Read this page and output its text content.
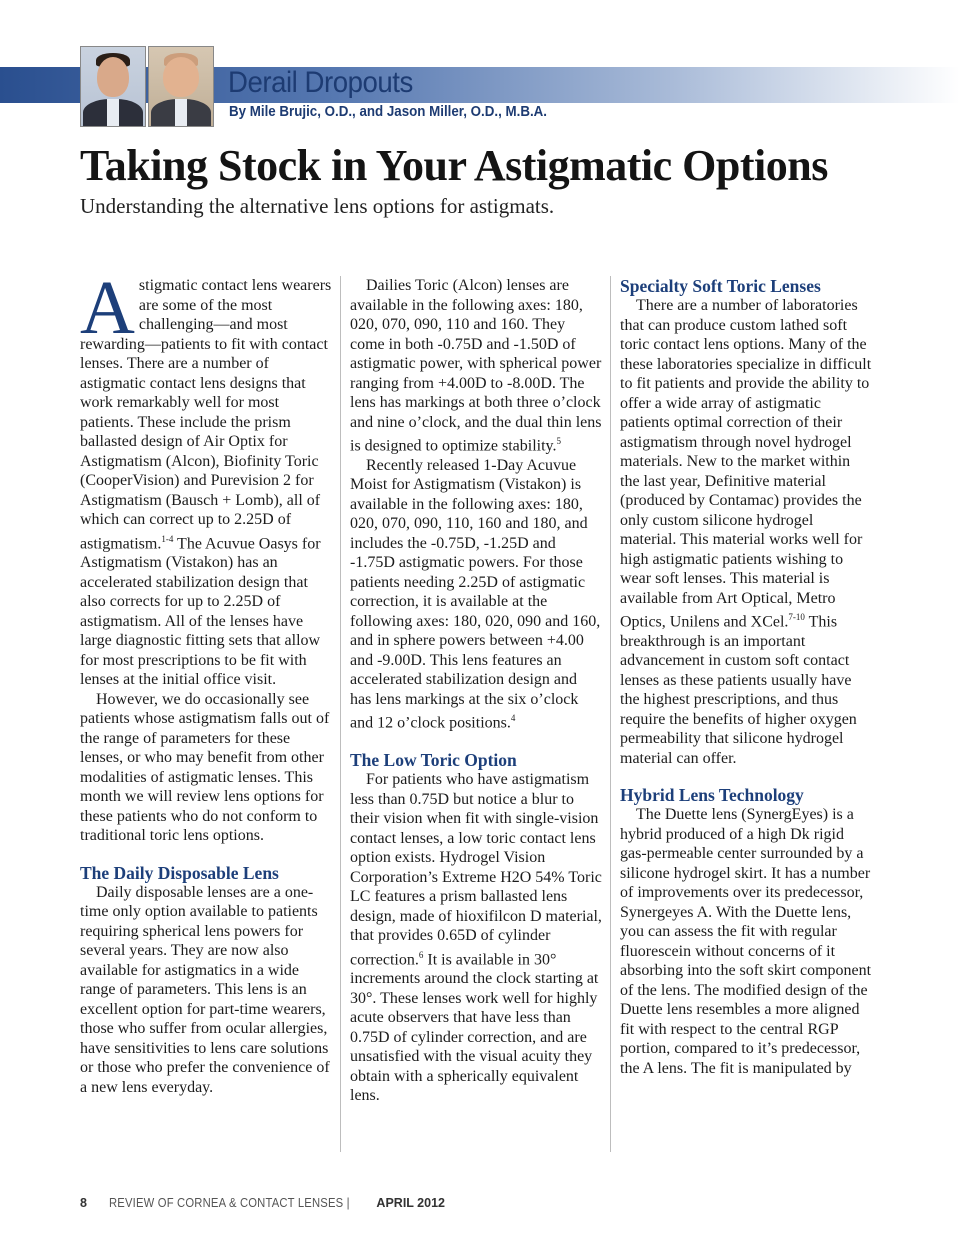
Derail Dropouts
By Mile Brujic, O.D., and Jason Miller, O.D., M.B.A.
Taking Stock in Your Astigmatic Options
Understanding the alternative lens options for astigmats.

Astigmatic contact lens wearers are some of the most challenging—and most rewarding—patients to fit with contact lenses. There are a number of astigmatic contact lens designs that work remarkably well for most patients. These include the prism ballasted design of Air Optix for Astigmatism (Alcon), Biofinity Toric (CooperVision) and Purevision 2 for Astigmatism (Bausch + Lomb), all of which can correct up to 2.25D of astigmatism.$^{1-4}$ The Acuvue Oasys for Astigmatism (Vistakon) has an accelerated stabilization design that also corrects for up to 2.25D of astigmatism. All of the lenses have large diagnostic fitting sets that allow for most prescriptions to be fit with lenses at the initial office visit.

However, we do occasionally see patients whose astigmatism falls out of the range of parameters for these lenses, or who may benefit from other modalities of astigmatic lenses. This month we will review lens options for these patients who do not conform to traditional toric lens options.

The Daily Disposable Lens

Daily disposable lenses are a one-time only option available to patients requiring spherical lens powers for several years. They are now also available for astigmatics in a wide range of parameters. This lens is an excellent option for part-time wearers, those who suffer from ocular allergies, have sensitivities to lens care solutions or those who prefer the convenience of a new lens everyday.

Dailies Toric (Alcon) lenses are available in the following axes: 180, 020, 070, 090, 110 and 160. They come in both -0.75D and -1.50D of astigmatic power, with spherical power ranging from +4.00D to -8.00D. The lens has markings at both three o’clock and nine o’clock, and the dual thin lens is designed to optimize stability.$^5$

Recently released 1-Day Acuvue Moist for Astigmatism (Vistakon) is available in the following axes: 180, 020, 070, 090, 110, 160 and 180, and includes the -0.75D, -1.25D and -1.75D astigmatic powers. For those patients needing 2.25D of astigmatic correction, it is available at the following axes: 180, 020, 090 and 160, and in sphere powers between +4.00 and -9.00D. This lens features an accelerated stabilization design and has lens markings at the six o’clock and 12 o’clock positions.$^4$

The Low Toric Option

For patients who have astigmatism less than 0.75D but notice a blur to their vision when fit with single-vision contact lenses, a low toric contact lens option exists. Hydrogel Vision Corporation’s Extreme H2O 54% Toric LC features a prism ballasted lens design, made of hioxifilcon D material, that provides 0.65D of cylinder correction.$^6$ It is available in 30° increments around the clock starting at 30°. These lenses work well for highly acute observers that have less than 0.75D of cylinder correction, and are unsatisfied with the visual acuity they obtain with a spherically equivalent lens.

Specialty Soft Toric Lenses

There are a number of laboratories that can produce custom lathed soft toric contact lens options. Many of the these laboratories specialize in difficult to fit patients and provide the ability to offer a wide array of astigmatic patients optimal correction of their astigmatism through novel hydrogel materials. New to the market within the last year, Definitive material (produced by Contamac) provides the only custom silicone hydrogel material. This material works well for high astigmatic patients wishing to wear soft lenses. This material is available from Art Optical, Metro Optics, Unilens and XCel.$^{7-10}$ This breakthrough is an important advancement in custom soft contact lenses as these patients usually have the highest prescriptions, and thus require the benefits of higher oxygen permeability that silicone hydrogel material can offer.

Hybrid Lens Technology

The Duette lens (SynergEyes) is a hybrid produced of a high Dk rigid gas-permeable center surrounded by a silicone hydrogel skirt. It has a number of improvements over its predecessor, Synergeyes A. With the Duette lens, you can assess the fit with regular fluorescein without concerns of it absorbing into the soft skirt component of the lens. The modified design of the Duette lens resembles a more aligned fit with respect to the central RGP portion, compared to it’s predecessor, the A lens. The fit is manipulated by

8 REVIEW OF CORNEA & CONTACT LENSES |APRIL 2012
